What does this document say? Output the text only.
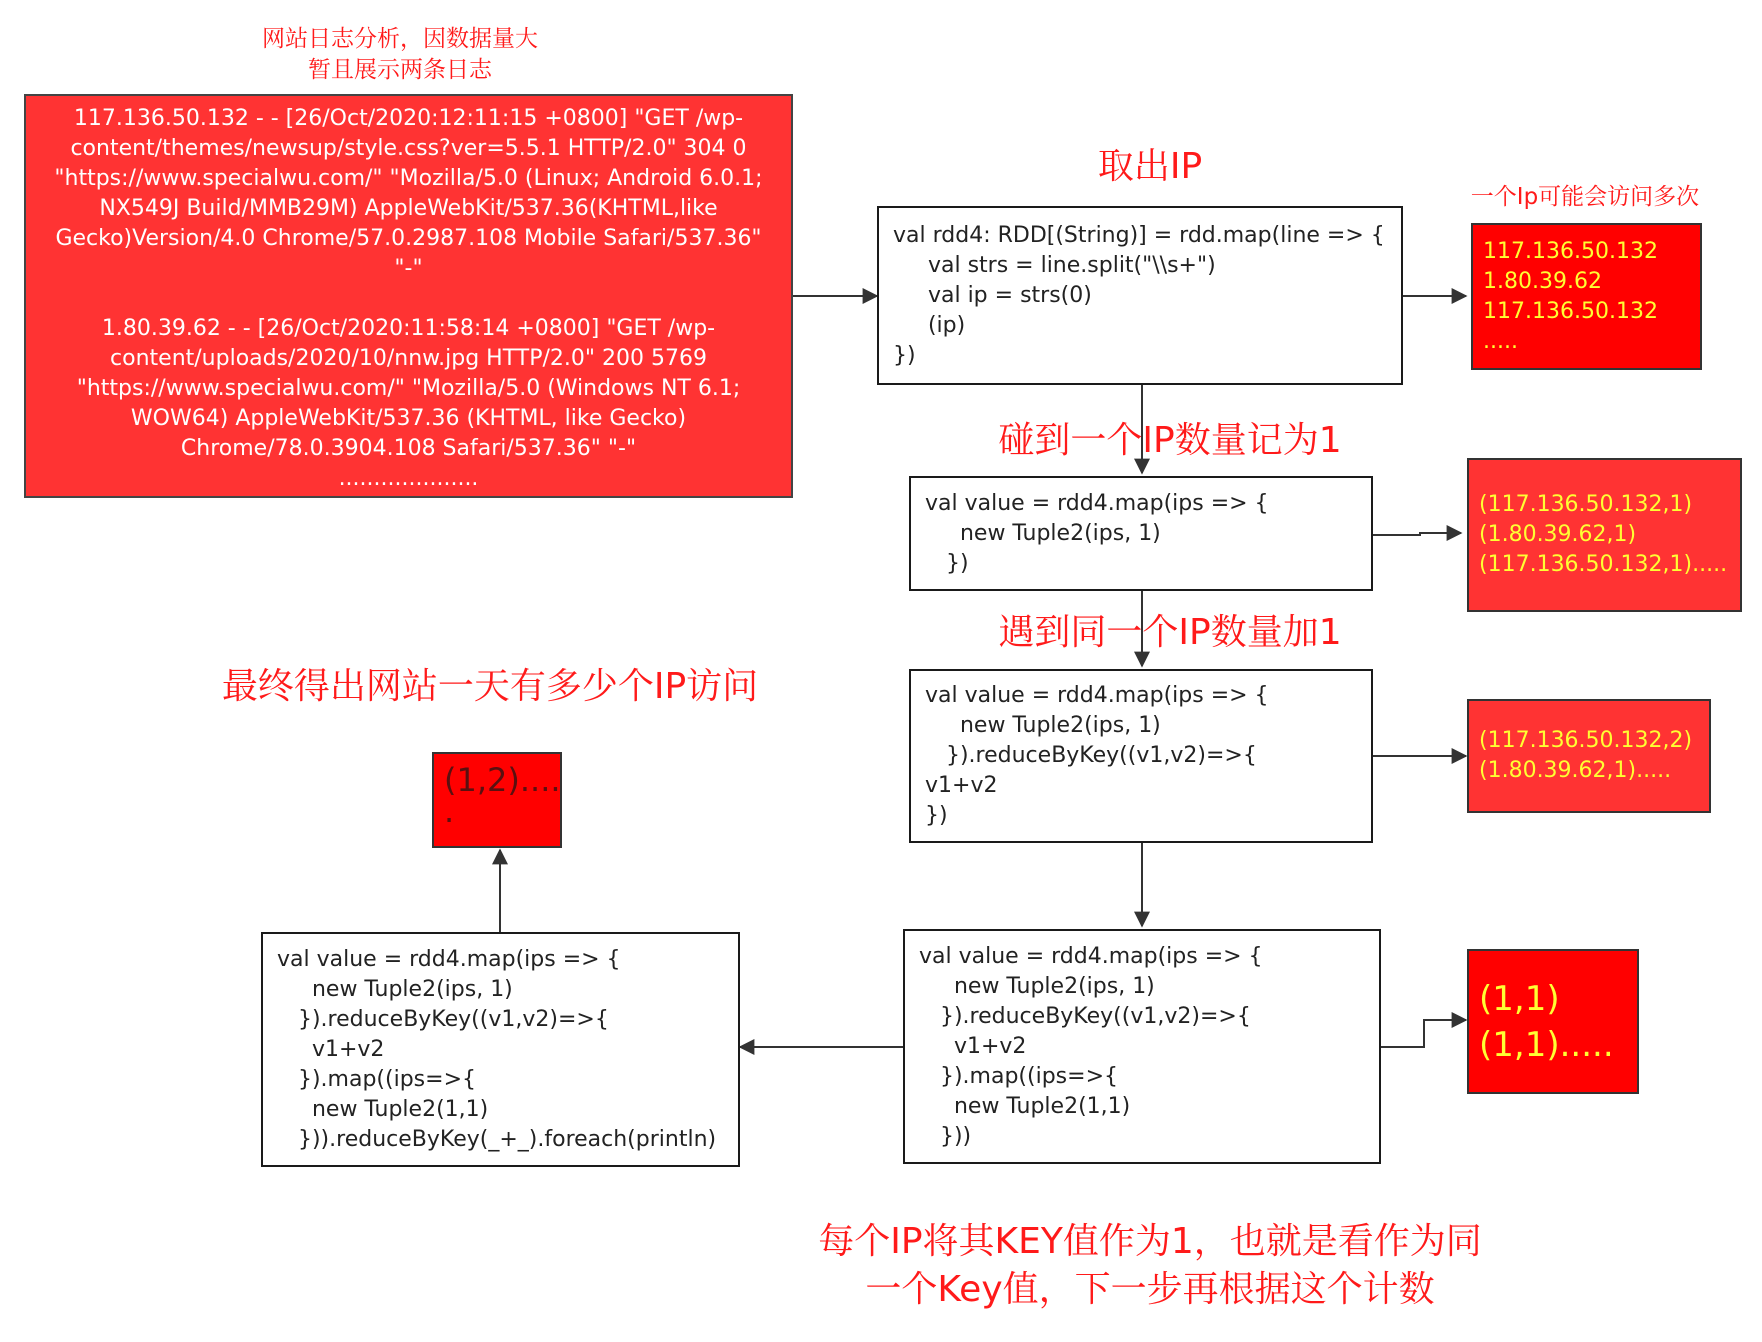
网站日志分析，因数据量大
暂且展示两条日志
117.136.50.132 - - [26/Oct/2020:12:11:15 +0800] "GET /wp-
content/themes/newsup/style.css?ver=5.5.1 HTTP/2.0" 304 0
"https://www.specialwu.com/" "Mozilla/5.0 (Linux; Android 6.0.1;
NX549J Build/MMB29M) AppleWebKit/537.36(KHTML,like
Gecko)Version/4.0 Chrome/57.0.2987.108 Mobile Safari/537.36"
"-"
1.80.39.62 - - [26/Oct/2020:11:58:14 +0800] "GET /wp-
content/uploads/2020/10/nnw.jpg HTTP/2.0" 200 5769
"https://www.specialwu.com/" "Mozilla/5.0 (Windows NT 6.1;
WOW64) AppleWebKit/537.36 (KHTML, like Gecko)
Chrome/78.0.3904.108 Safari/537.36" "-"
....................
取出IP
一个Ip可能会访问多次
碰到一个IP数量记为1
遇到同一个IP数量加1
最终得出网站一天有多少个IP访问
每个IP将其KEY值作为1，也就是看作为同
一个Key值，下一步再根据这个计数
val rdd4: RDD[(String)] = rdd.map(line => {
val strs = line.split("\\s+")
val ip = strs(0)
(ip)
})
val value = rdd4.map(ips => {
new Tuple2(ips, 1)
})
val value = rdd4.map(ips => {
new Tuple2(ips, 1)
}).reduceByKey((v1,v2)=>{
v1+v2
})
val value = rdd4.map(ips => {
new Tuple2(ips, 1)
}).reduceByKey((v1,v2)=>{
v1+v2
}).map((ips=>{
new Tuple2(1,1)
}))
val value = rdd4.map(ips => {
new Tuple2(ips, 1)
}).reduceByKey((v1,v2)=>{
v1+v2
}).map((ips=>{
new Tuple2(1,1)
})).reduceByKey(_+_).foreach(println)
117.136.50.132
1.80.39.62
117.136.50.132
.....
(117.136.50.132,1)
(1.80.39.62,1)
(117.136.50.132,1).....
(117.136.50.132,2)
(1.80.39.62,1).....
(1,1)
(1,1).....
(1,2)....
.
